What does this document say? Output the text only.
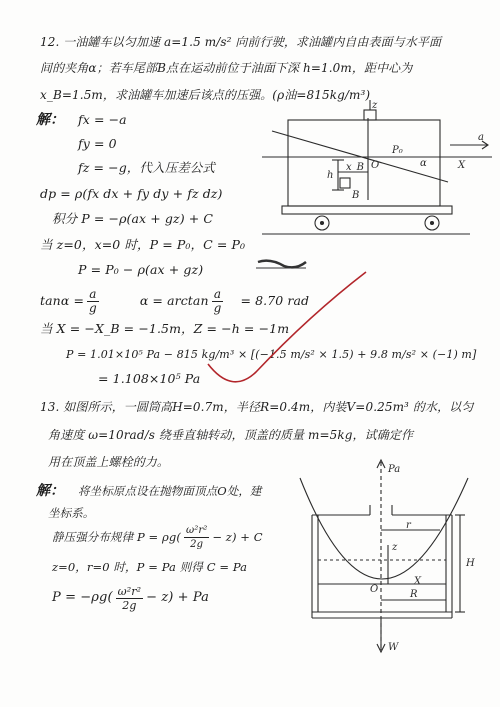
12. 一油罐车以匀加速 a=1.5 m/s² 向前行驶，求油罐内自由表面与水平面
间的夹角α；若车尾部B点在运动前位于油面下深 h=1.0m，距中心为
x_B=1.5m，求油罐车加速后该点的压强。(ρ油=815kg/m³)
解： fx = −a
fy = 0
fz = −g，代入压差公式
dp = ρ(fx dx + fy dy + fz dz)
积分 P = −ρ(ax + gz) + C
当 z=0，x=0 时，P = P₀，C = P₀
P = P₀ − ρ(ax + gz)
$\tan\alpha = \frac{a}{g}$	$\alpha = \arctan \frac{a}{g} = 8.70$ rad
当 X = −X_B = −1.5m，Z = −h = −1m
P = 1.01×10⁵ Pa − 815 kg/m³ × [(−1.5 m/s² × 1.5) + 9.8 m/s² × (−1) m]
= 1.108×10⁵ Pa
13. 如图所示，一圆筒高H=0.7m，半径R=0.4m，内装V=0.25m³ 的水，以匀
角速度 ω=10rad/s 绕垂直轴转动，顶盖的质量 m=5kg，试确定作
用在顶盖上螺栓的力。
解： 将坐标原点设在抛物面顶点O处，建
坐标系。
静压强分布规律 $P = \rho g( \frac{\text{ω²r²}}{2g} - z) + C$
z=0，r=0 时，P = Pa 则得 C = Pa
$P = -\rho g( \frac{\text{ω²r²}}{2g} - z) + Pa$
a
P₀
α
x_B
h
B
O	X
z
Pa
r
z
O	R
X
H
W
